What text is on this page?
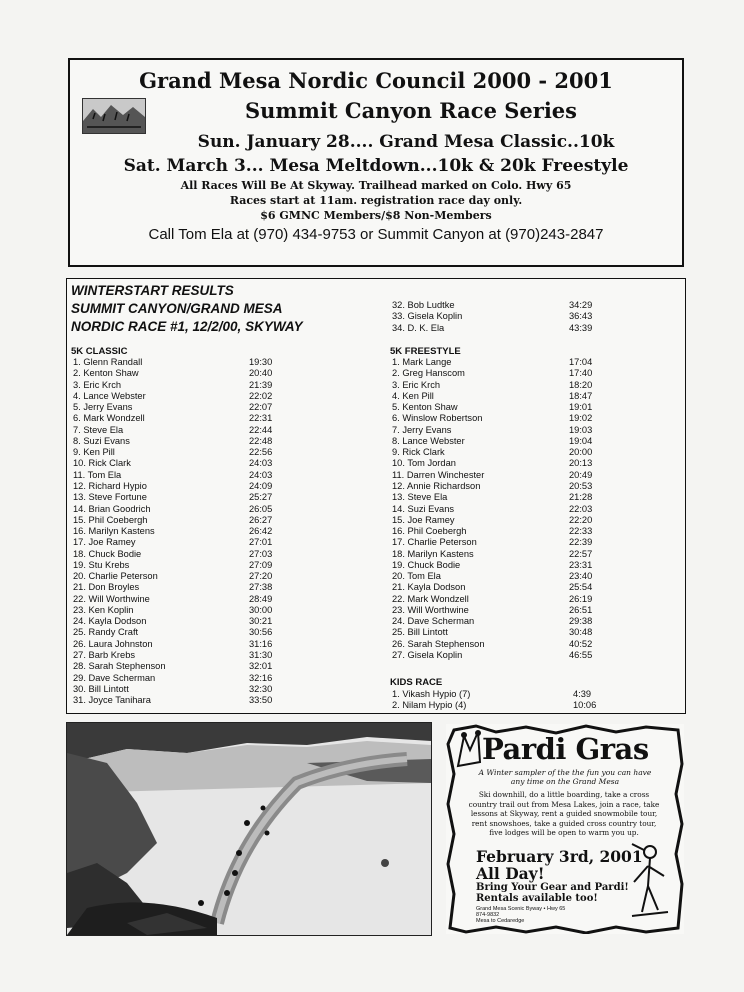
Grand Mesa Nordic Council 2000 - 2001
Summit Canyon Race Series
Sun. January 28.... Grand Mesa Classic..10k
Sat. March 3... Mesa Meltdown...10k & 20k Freestyle
All Races Will Be At Skyway. Trailhead marked on Colo. Hwy 65
Races start at 11am. registration race day only.
$6 GMNC Members/$8 Non-Members
Call Tom Ela at (970) 434-9753 or Summit Canyon at (970)243-2847
WINTERSTART RESULTS
SUMMIT CANYON/GRAND MESA
NORDIC RACE #1, 12/2/00, SKYWAY
5K CLASSIC
1. Glenn Randall	19:30
2. Kenton Shaw	20:40
3. Eric Krch	21:39
4. Lance Webster	22:02
5. Jerry Evans	22:07
6. Mark Wondzell	22:31
7. Steve Ela	22:44
8. Suzi Evans	22:48
9. Ken Pill	22:56
10. Rick Clark	24:03
11. Tom Ela	24:03
12. Richard Hypio	24:09
13. Steve Fortune	25:27
14. Brian Goodrich	26:05
15. Phil Coebergh	26:27
16. Marilyn Kastens	26:42
17. Joe Ramey	27:01
18. Chuck Bodie	27:03
19. Stu Krebs	27:09
20. Charlie Peterson	27:20
21. Don Broyles	27:38
22. Will Worthwine	28:49
23. Ken Koplin	30:00
24. Kayla Dodson	30:21
25. Randy Craft	30:56
26. Laura Johnston	31:16
27. Barb Krebs	31:30
28. Sarah Stephenson	32:01
29. Dave Scherman	32:16
30. Bill Lintott	32:30
31. Joyce Tanihara	33:50
32. Bob Ludtke	34:29
33. Gisela Koplin	36:43
34. D. K. Ela	43:39
5K FREESTYLE
1. Mark Lange	17:04
2. Greg Hanscom	17:40
3. Eric Krch	18:20
4. Ken Pill	18:47
5. Kenton Shaw	19:01
6. Winslow Robertson	19:02
7. Jerry Evans	19:03
8. Lance Webster	19:04
9. Rick Clark	20:00
10. Tom Jordan	20:13
11. Darren Winchester	20:49
12. Annie Richardson	20:53
13. Steve Ela	21:28
14. Suzi Evans	22:03
15. Joe Ramey	22:20
16. Phil Coebergh	22:33
17. Charlie Peterson	22:39
18. Marilyn Kastens	22:57
19. Chuck Bodie	23:31
20. Tom Ela	23:40
21. Kayla Dodson	25:54
22. Mark Wondzell	26:19
23. Will Worthwine	26:51
24. Dave Scherman	29:38
25. Bill Lintott	30:48
26. Sarah Stephenson	40:52
27. Gisela Koplin	46:55
KIDS RACE
1. Vikash Hypio (7)	4:39
2. Nilam Hypio (4)	10:06
Pardi Gras
A Winter sampler of the the fun you can have any time on the Grand Mesa
Ski downhill, do a little boarding, take a cross country trail out from Mesa Lakes, join a race, take lessons at Skyway, rent a guided snowmobile tour, rent snowshoes, take a guided cross country tour, five lodges will be open to warm you up.
February 3rd, 2001
All Day!
Bring Your Gear and Pardi!
Rentals available too!
Grand Mesa Scenic Byway • Hwy 65
874-9832
Mesa to Cedaredge
